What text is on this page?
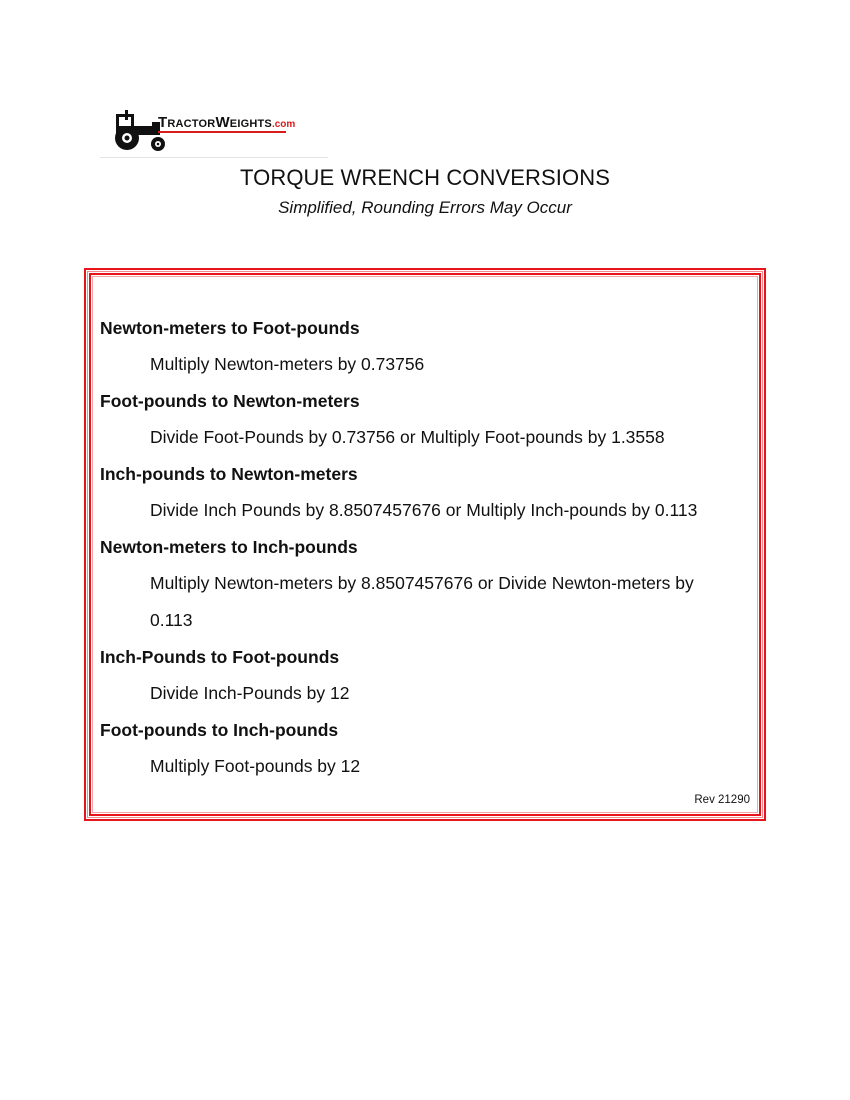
TRACTORWEIGHTS.com
TORQUE WRENCH CONVERSIONS
Simplified, Rounding Errors May Occur
Newton-meters to Foot-pounds
Multiply Newton-meters by 0.73756
Foot-pounds to Newton-meters
Divide Foot-Pounds by 0.73756 or Multiply Foot-pounds by 1.3558
Inch-pounds to Newton-meters
Divide Inch Pounds by 8.8507457676 or Multiply Inch-pounds by 0.113
Newton-meters to Inch-pounds
Multiply Newton-meters by 8.8507457676 or Divide Newton-meters by 0.113
Inch-Pounds to Foot-pounds
Divide Inch-Pounds by 12
Foot-pounds to Inch-pounds
Multiply Foot-pounds by 12
Rev 21290
